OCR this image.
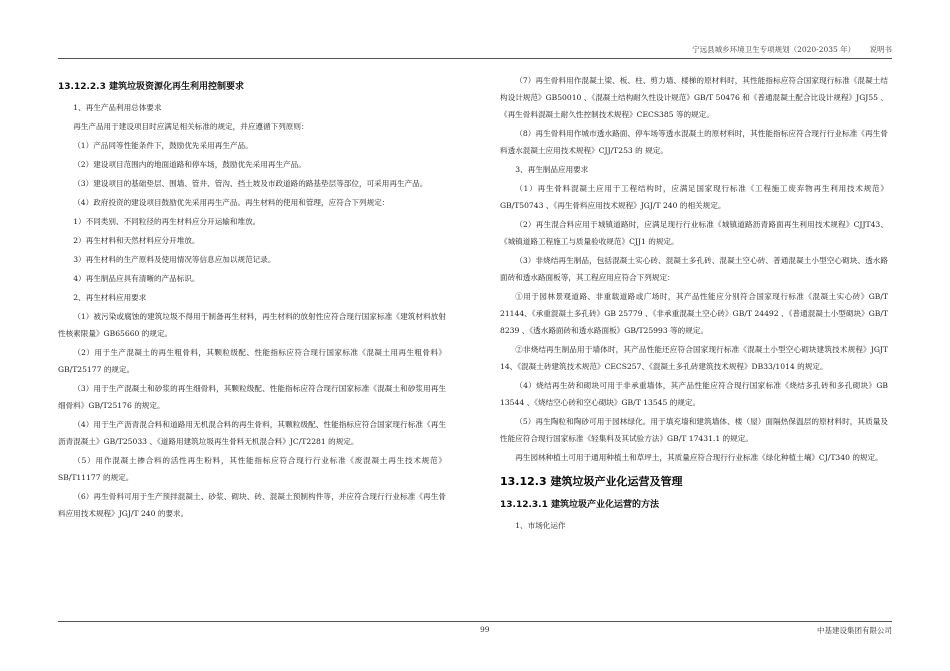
宁远县城乡环境卫生专项规划（2020-2035 年） 说明书
13.12.2.3 建筑垃圾资源化再生利用控制要求

1、再生产品利用总体要求

再生产品用于建设项目时应满足相关标准的规定，并应遵循下列原则：

（1）产品同等性能条件下，鼓励优先采用再生产品。

（2）建设项目范围内的地面道路和停车场，鼓励优先采用再生产品。

（3）建设项目的基础垫层、围墙、管井、管沟、挡土坡及市政道路的路基垫层等部位，可采用再生产品。

（4）政府投资的建设项目鼓励优先采用再生产品。再生材料的使用和管理，应符合下列规定：

1）不同类别、不同粒径的再生材料应分开运输和堆放。

2）再生材料和天然材料应分开堆放。

3）再生材料的生产原料及使用情况等信息应加以规范记录。

4）再生制品应具有清晰的产品标识。

2、再生材料应用要求

（1）被污染或腐蚀的建筑垃圾不得用于制备再生材料，再生材料的放射性应符合现行国家标准《建筑材料放射性核素限量》GB65660 的规定。

（2）用于生产混凝土的再生粗骨料，其颗粒级配、性能指标应符合现行国家标准《混凝土用再生粗骨料》GB/T25177 的规定。

（3）用于生产混凝土和砂浆的再生细骨料，其颗粒级配、性能指标应符合现行国家标准《混凝土和砂浆用再生细骨料》GB/T25176 的规定。

（4）用于生产沥青混合料和道路用无机混合料的再生骨料，其颗粒级配、性能指标应符合国家现行标准《再生沥青混凝土》GB/T25033 、《道路用建筑垃圾再生骨料无机混合料》JC/T2281 的规定。

（5）用作混凝土掺合料的活性再生粉料，其性能指标应符合现行行业标准《废混凝土再生技术规范》SB/T11177 的规定。

（6）再生骨料可用于生产预拌混凝土、砂浆、砌块、砖、混凝土预制构件等，并应符合现行行业标准《再生骨料应用技术规程》JGJ/T 240 的要求。

（7）再生骨料用作混凝土梁、板、柱、剪力墙、楼梯的原材料时，其性能指标应符合国家现行标准《混凝土结构设计规范》GB50010 、《混凝土结构耐久性设计规范》GB/T 50476 和《普通混凝土配合比设计规程》JGJ55 、《再生骨料混凝土耐久性控制技术规程》CECS385 等的规定。

（8）再生骨料用作城市透水路面、停车场等透水混凝土的原材料时，其性能指标应符合现行行业标准《再生骨料透水混凝土应用技术规程》CJJ/T253 的 规定。

3、再生制品应用要求

（1）再生骨料混凝土应用于工程结构时，应满足国家现行标准《工程施工废弃物再生利用技术规范》GB/T50743 、《再生骨料应用技术规程》JGJ/T 240 的相关规定。

（2）再生混合料应用于城镇道路时，应满足现行行业标准《城镇道路沥青路面再生利用技术规程》CJJT43、《城镇道路工程施工与质量验收规范》CJJ1 的规定。

（3）非烧结再生制品，包括混凝土实心砖、混凝土多孔砖、混凝土空心砖、普通混凝土小型空心砌块、透水路面砖和透水路面板等，其工程应用应符合下列规定：

①用于园林景观道路、非重载道路或广场时，其产品性能应分别符合国家现行标准《混凝土实心砖》GB/T 21144、《承重混凝土多孔砖》GB 25779 、《非承重混凝土空心砖》GB/T 24492 、《普通混凝土小型砌块》GB/T 8239 、《透水路面砖和透水路面板》GB/T25993 等的规定。

②非烧结再生制品用于墙体时，其产品性能还应符合国家现行标准《混凝土小型空心砌块建筑技术规程》JGJT 14、《混凝土砖建筑技术规范》CECS257、《混凝土多孔砖建筑技术规程》DB33/1014 的规定。

（4）烧结再生砖和砌块可用于非承重墙体，其产品性能应符合现行国家标准《烧结多孔砖和多孔砌块》GB 13544 、《烧结空心砖和空心砌块》GB/T 13545 的规定。

（5）再生陶粒和陶砂可用于园林绿化。用于填充墙和建筑墙体、楼（屋）面隔热保温层的原材料时，其质量及性能应符合现行国家标准《轻集料及其试验方法》GB/T 17431.1 的规定。

再生园林种植土可用于通用种植土和草坪土，其质量应符合现行行业标准《绿化种植土壤》CJ/T340 的规定。

13.12.3 建筑垃圾产业化运营及管理
13.12.3.1 建筑垃圾产业化运营的方法

1、市场化运作

99	中基建设集团有限公司
